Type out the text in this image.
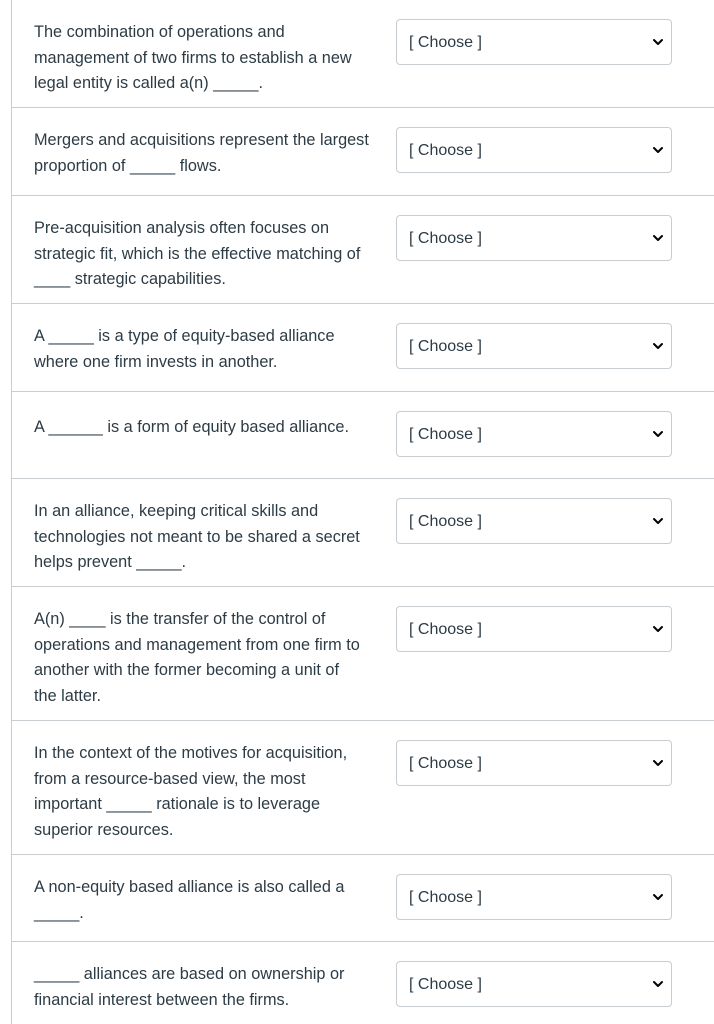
The combination of operations and
management of two firms to establish a new
legal entity is called a(n) _____.

[ Choose ]

Mergers and acquisitions represent the largest
proportion of _____ flows.

[ Choose ]

Pre-acquisition analysis often focuses on
strategic fit, which is the effective matching of
____ strategic capabilities.

[ Choose ]

A _____ is a type of equity-based alliance
where one firm invests in another.

[ Choose ]

A ______ is a form of equity based alliance.	[ Choose ]

In an alliance, keeping critical skills and
technologies not meant to be shared a secret
helps prevent _____.

[ Choose ]

A(n) ____ is the transfer of the control of
operations and management from one firm to
another with the former becoming a unit of
the latter.

[ Choose ]

In the context of the motives for acquisition,
from a resource-based view, the most
important _____ rationale is to leverage
superior resources.

[ Choose ]

A non-equity based alliance is also called a
_____.

[ Choose ]

_____ alliances are based on ownership or
financial interest between the firms.

[ Choose ]
